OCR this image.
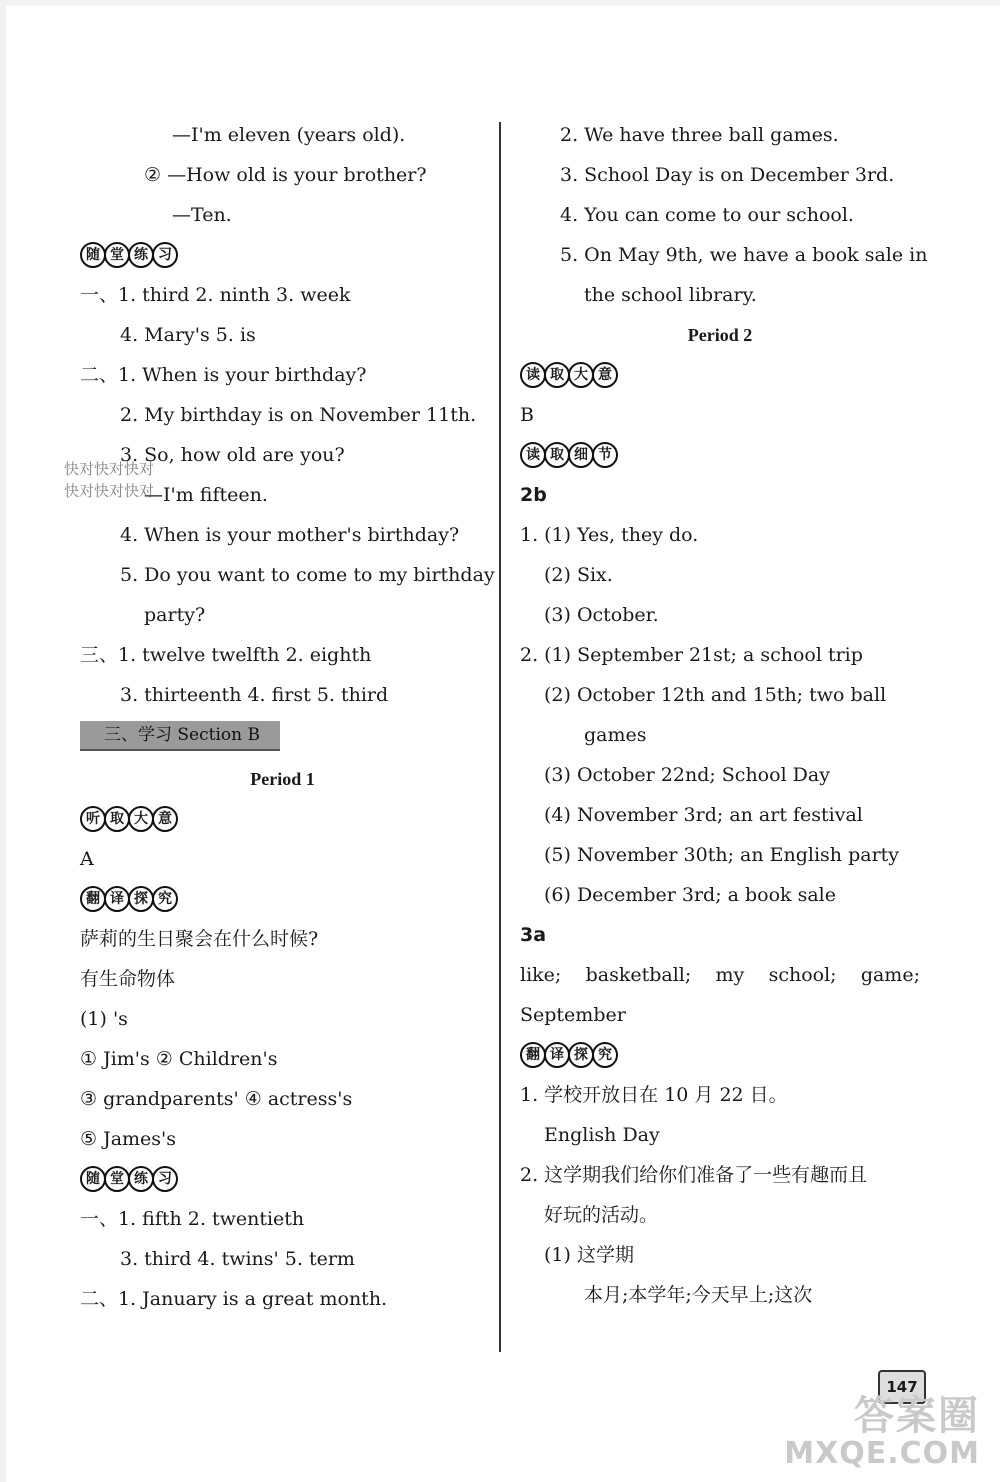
—I'm eleven (years old).
② —How old is your brother?
—Ten.
随 堂 练 习
一、1. third 2. ninth 3. week
4. Mary's 5. is
二、1. When is your birthday?
2. My birthday is on November 11th.
3. So, how old are you?
—I'm fifteen.
4. When is your mother's birthday?
5. Do you want to come to my birthday
party?
三、1. twelve twelfth 2. eighth
3. thirteenth 4. first 5. third
三、学习 Section B
Period 1
听 取 大 意
A
翻 译 探 究
萨莉的生日聚会在什么时候?
有生命物体
(1) 's
① Jim's ② Children's
③ grandparents' ④ actress's
⑤ James's
随 堂 练 习
一、1. fifth 2. twentieth
3. third 4. twins' 5. term
二、1. January is a great month.
快对快对快对
快对快对快对
2. We have three ball games.
3. School Day is on December 3rd.
4. You can come to our school.
5. On May 9th, we have a book sale in
the school library.
Period 2
读 取 大 意
B
读 取 细 节
2b
1. (1) Yes, they do.
(2) Six.
(3) October.
2. (1) September 21st; a school trip
(2) October 12th and 15th; two ball
games
(3) October 22nd; School Day
(4) November 3rd; an art festival
(5) November 30th; an English party
(6) December 3rd; a book sale
3a
like; basketball; my school; game;
September
翻 译 探 究
1. 学校开放日在 10 月 22 日。
English Day
2. 这学期我们给你们准备了一些有趣而且
好玩的活动。
(1) 这学期
本月;本学年;今天早上;这次
147
答案圈
MXQE.COM
